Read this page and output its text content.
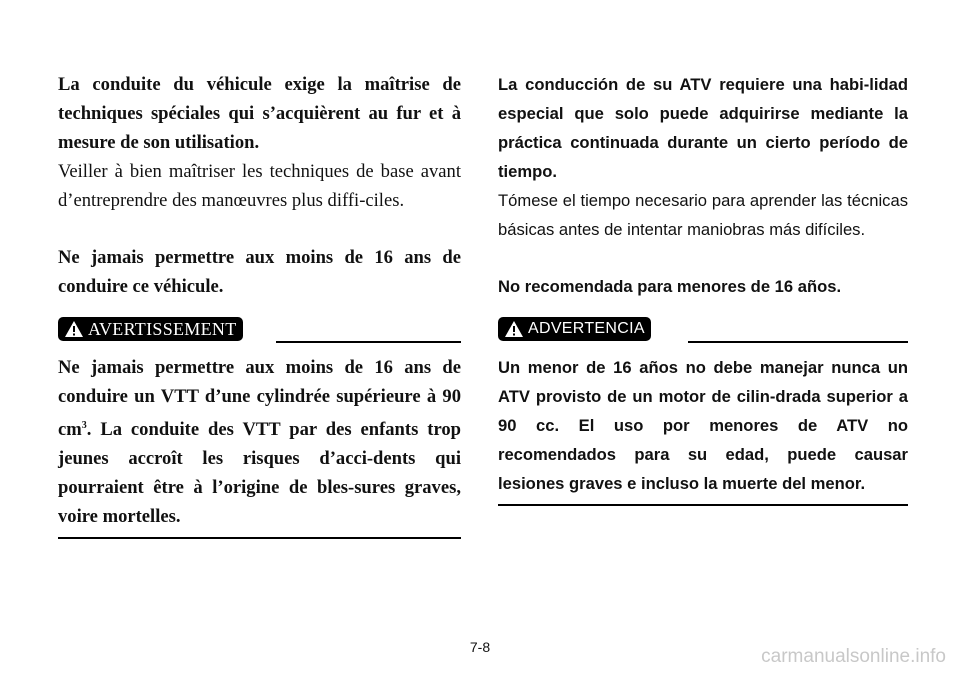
La conduite du véhicule exige la maîtrise de techniques spéciales qui s’acquièrent au fur et à mesure de son utilisation.

Veiller à bien maîtriser les techniques de base avant d’entreprendre des manœuvres plus diffi-ciles.

Ne jamais permettre aux moins de 16 ans de conduire ce véhicule.

AVERTISSEMENT

Ne jamais permettre aux moins de 16 ans de conduire un VTT d’une cylindrée supérieure à 90 $cm^3$. La conduite des VTT par des enfants trop jeunes accroît les risques d’acci-dents qui pourraient être à l’origine de bles-sures graves, voire mortelles.

La conducción de su ATV requiere una habi-lidad especial que solo puede adquirirse mediante la práctica continuada durante un cierto período de tiempo.

Tómese el tiempo necesario para aprender las técnicas básicas antes de intentar maniobras más difíciles.

No recomendada para menores de 16 años.

ADVERTENCIA

Un menor de 16 años no debe manejar nunca un ATV provisto de un motor de cilin-drada superior a 90 cc. El uso por menores de ATV no recomendados para su edad, puede causar lesiones graves e incluso la muerte del menor.

7-8	carmanualsonline.info
